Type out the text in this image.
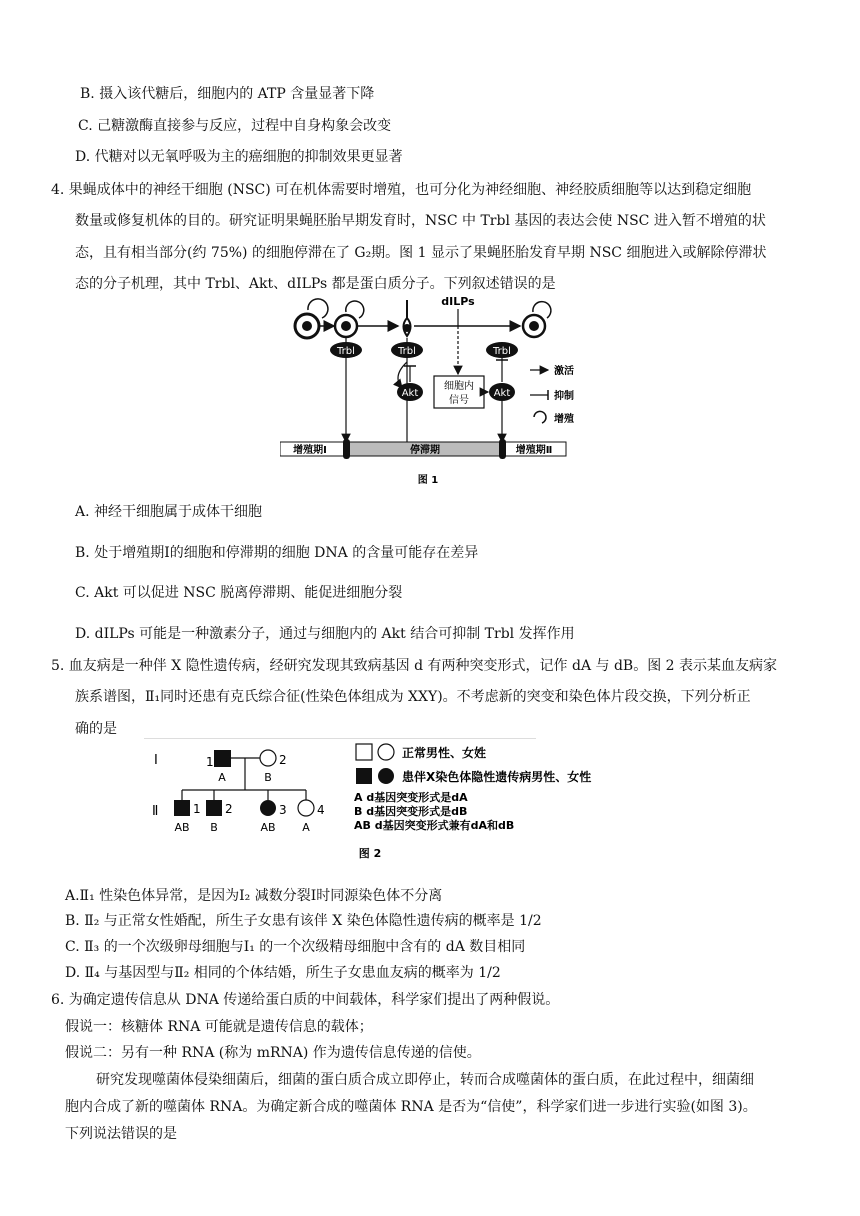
B. 摄入该代糖后，细胞内的 ATP 含量显著下降
C. 己糖激酶直接参与反应，过程中自身构象会改变
D. 代糖对以无氧呼吸为主的癌细胞的抑制效果更显著
4. 果蝇成体中的神经干细胞 (NSC) 可在机体需要时增殖，也可分化为神经细胞、神经胶质细胞等以达到稳定细胞
数量或修复机体的目的。研究证明果蝇胚胎早期发育时，NSC 中 Trbl 基因的表达会使 NSC 进入暂不增殖的状
态，且有相当部分(约 75%) 的细胞停滞在了 G₂期。图 1 显示了果蝇胚胎发育早期 NSC 细胞进入或解除停滞状
态的分子机理，其中 Trbl、Akt、dILPs 都是蛋白质分子。下列叙述错误的是
dILPs
Trbl	Trbl	Trbl
Akt	Akt
细胞内
信号
激活
抑制
增殖
增殖期Ⅰ	停滞期	增殖期Ⅱ
图 1
A. 神经干细胞属于成体干细胞
B. 处于增殖期Ⅰ的细胞和停滞期的细胞 DNA 的含量可能存在差异
C. Akt 可以促进 NSC 脱离停滞期、能促进细胞分裂
D. dILPs 可能是一种激素分子，通过与细胞内的 Akt 结合可抑制 Trbl 发挥作用
5. 血友病是一种伴 X 隐性遗传病，经研究发现其致病基因 d 有两种突变形式，记作 dA 与 dB。图 2 表示某血友病家
族系谱图，Ⅱ₁同时还患有克氏综合征(性染色体组成为 XXY)。不考虑新的突变和染色体片段交换，下列分析正
确的是
Ⅰ
Ⅱ
1
A
2
B
1
AB
2
B
3
AB
4
A
正常男性、女姓
患伴X染色体隐性遗传病男性、女性
A d基因突变形式是dA
B d基因突变形式是dB
AB d基因突变形式兼有dA和dB
图 2
A.Ⅱ₁ 性染色体异常，是因为Ⅰ₂ 减数分裂Ⅰ时同源染色体不分离
B. Ⅱ₂ 与正常女性婚配，所生子女患有该伴 X 染色体隐性遗传病的概率是 1/2
C. Ⅱ₃ 的一个次级卵母细胞与Ⅰ₁ 的一个次级精母细胞中含有的 dA 数目相同
D. Ⅱ₄ 与基因型与Ⅱ₂ 相同的个体结婚，所生子女患血友病的概率为 1/2
6. 为确定遗传信息从 DNA 传递给蛋白质的中间载体，科学家们提出了两种假说。
假说一：核糖体 RNA 可能就是遗传信息的载体；
假说二：另有一种 RNA (称为 mRNA) 作为遗传信息传递的信使。
研究发现噬菌体侵染细菌后，细菌的蛋白质合成立即停止，转而合成噬菌体的蛋白质，在此过程中，细菌细
胞内合成了新的噬菌体 RNA。为确定新合成的噬菌体 RNA 是否为“信使”，科学家们进一步进行实验(如图 3)。
下列说法错误的是
